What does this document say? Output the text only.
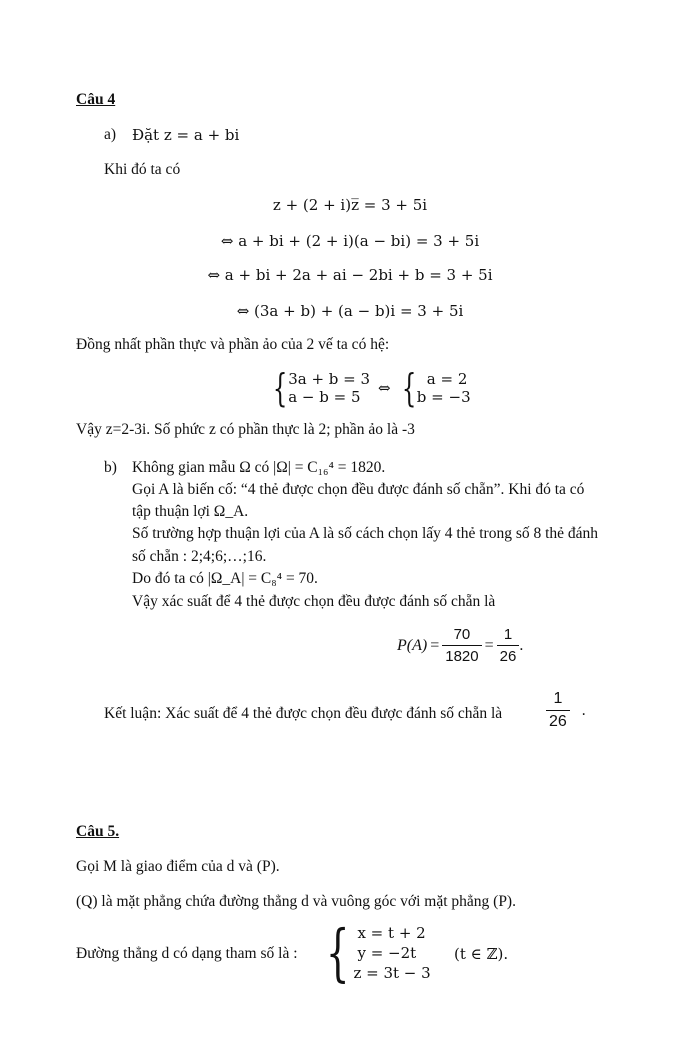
Câu 4
a) Đặt z = a + bi
Khi đó ta có
z + (2 + i)z̅ = 3 + 5i
⇔ a + bi + (2 + i)(a − bi) = 3 + 5i
⇔ a + bi + 2a + ai − 2bi + b = 3 + 5i
⇔ (3a + b) + (a − b)i = 3 + 5i
Đồng nhất phần thực và phần ảo của 2 vế ta có hệ:
{ 3a + b = 3
a − b = 5	⇔ { a = 2
b = −3
Vậy z=2-3i. Số phức z có phần thực là 2; phần ảo là -3
b) Không gian mẫu Ω có |Ω| = C₁₆⁴ = 1820.
Gọi A là biến cố: “4 thẻ được chọn đều được đánh số chẵn”. Khi đó ta có
tập thuận lợi Ω_A.
Số trường hợp thuận lợi của A là số cách chọn lấy 4 thẻ trong số 8 thẻ đánh
số chẵn : 2;4;6;…;16.
Do đó ta có |Ω_A| = C₈⁴ = 70.
Vậy xác suất để 4 thẻ được chọn đều được đánh số chẵn là
$P(A) = \frac{70}{1820} = \frac{1}{26}$ .
Kết luận: Xác suất để 4 thẻ được chọn đều được đánh số chẵn là	$\frac{1}{26}$ .
Câu 5.
Gọi M là giao điểm của d và (P).
(Q) là mặt phẳng chứa đường thẳng d và vuông góc với mặt phẳng (P).
Đường thẳng d có dạng tham số là : { x = t + 2
y = −2t
z = 3t − 3
(t ∈ ℤ).
